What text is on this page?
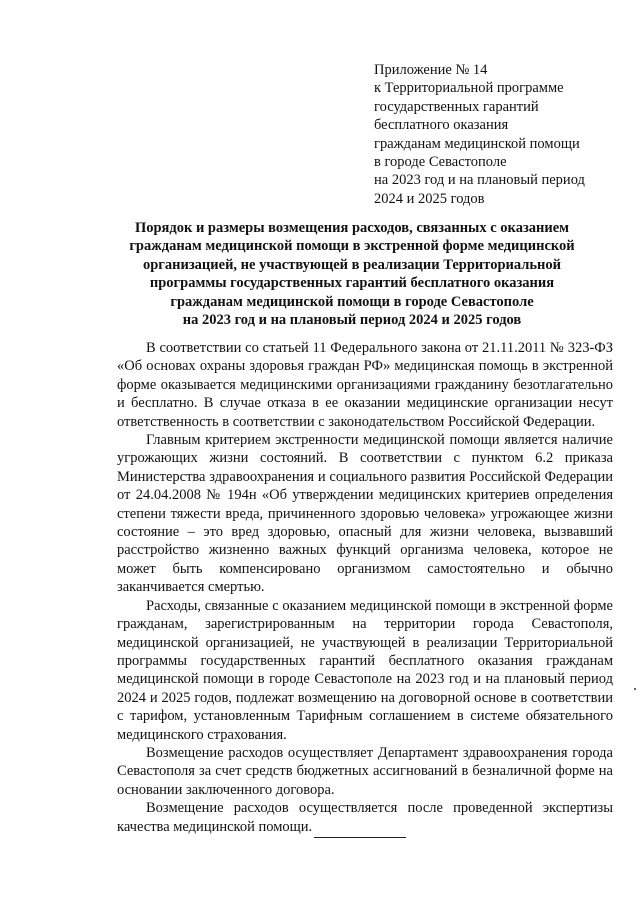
Приложение № 14
к Территориальной программе
государственных гарантий
бесплатного оказания
гражданам медицинской помощи
в городе Севастополе
на 2023 год и на плановый период
2024 и 2025 годов
Порядок и размеры возмещения расходов, связанных с оказанием
гражданам медицинской помощи в экстренной форме медицинской
организацией, не участвующей в реализации Территориальной
программы государственных гарантий бесплатного оказания
гражданам медицинской помощи в городе Севастополе
на 2023 год и на плановый период 2024 и 2025 годов

В соответствии со статьей 11 Федерального закона от 21.11.2011 № 323-ФЗ «Об основах охраны здоровья граждан РФ» медицинская помощь в экстренной форме оказывается медицинскими организациями гражданину безотлагательно и бесплатно. В случае отказа в ее оказании медицинские организации несут ответственность в соответствии с законодательством Российской Федерации.

Главным критерием экстренности медицинской помощи является наличие угрожающих жизни состояний. В соответствии с пунктом 6.2 приказа Министерства здравоохранения и социального развития Российской Федерации от 24.04.2008 № 194н «Об утверждении медицинских критериев определения степени тяжести вреда, причиненного здоровью человека» угрожающее жизни состояние – это вред здоровью, опасный для жизни человека, вызвавший расстройство жизненно важных функций организма человека, которое не может быть компенсировано организмом самостоятельно и обычно заканчивается смертью.

Расходы, связанные с оказанием медицинской помощи в экстренной форме гражданам, зарегистрированным на территории города Севастополя, медицинской организацией, не участвующей в реализации Территориальной программы государственных гарантий бесплатного оказания гражданам медицинской помощи в городе Севастополе на 2023 год и на плановый период 2024 и 2025 годов, подлежат возмещению на договорной основе в соответствии с тарифом, установленным Тарифным соглашением в системе обязательного медицинского страхования.

Возмещение расходов осуществляет Департамент здравоохранения города Севастополя за счет средств бюджетных ассигнований в безналичной форме на основании заключенного договора.

Возмещение расходов осуществляется после проведенной экспертизы качества медицинской помощи.
